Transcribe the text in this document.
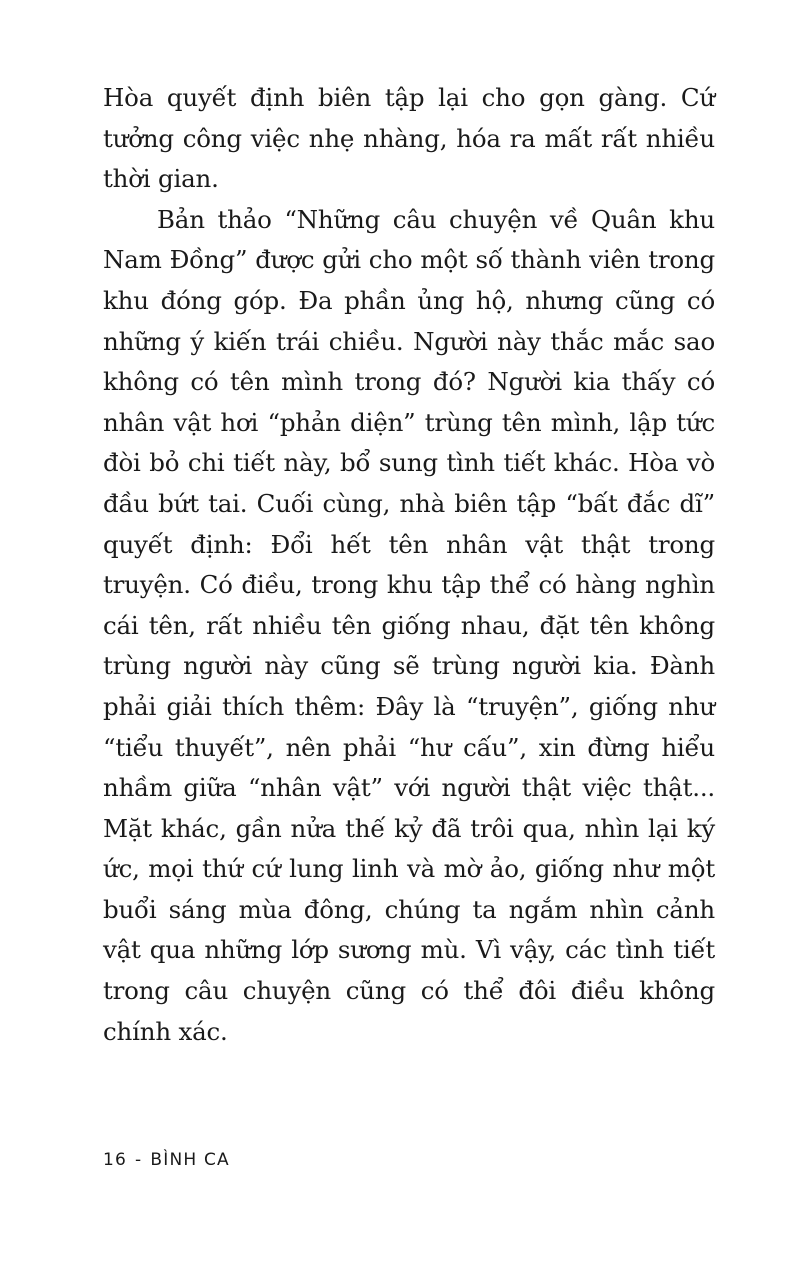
Hòa quyết định biên tập lại cho gọn gàng. Cứ tưởng công việc nhẹ nhàng, hóa ra mất rất nhiều thời gian.

Bản thảo “Những câu chuyện về Quân khu Nam Đồng” được gửi cho một số thành viên trong khu đóng góp. Đa phần ủng hộ, nhưng cũng có những ý kiến trái chiều. Người này thắc mắc sao không có tên mình trong đó? Người kia thấy có nhân vật hơi “phản diện” trùng tên mình, lập tức đòi bỏ chi tiết này, bổ sung tình tiết khác. Hòa vò đầu bứt tai. Cuối cùng, nhà biên tập “bất đắc dĩ” quyết định: Đổi hết tên nhân vật thật trong truyện. Có điều, trong khu tập thể có hàng nghìn cái tên, rất nhiều tên giống nhau, đặt tên không trùng người này cũng sẽ trùng người kia. Đành phải giải thích thêm: Đây là “truyện”, giống như “tiểu thuyết”, nên phải “hư cấu”, xin đừng hiểu nhầm giữa “nhân vật” với người thật việc thật... Mặt khác, gần nửa thế kỷ đã trôi qua, nhìn lại ký ức, mọi thứ cứ lung linh và mờ ảo, giống như một buổi sáng mùa đông, chúng ta ngắm nhìn cảnh vật qua những lớp sương mù. Vì vậy, các tình tiết trong câu chuyện cũng có thể đôi điều không chính xác.

16 - BÌNH CA
